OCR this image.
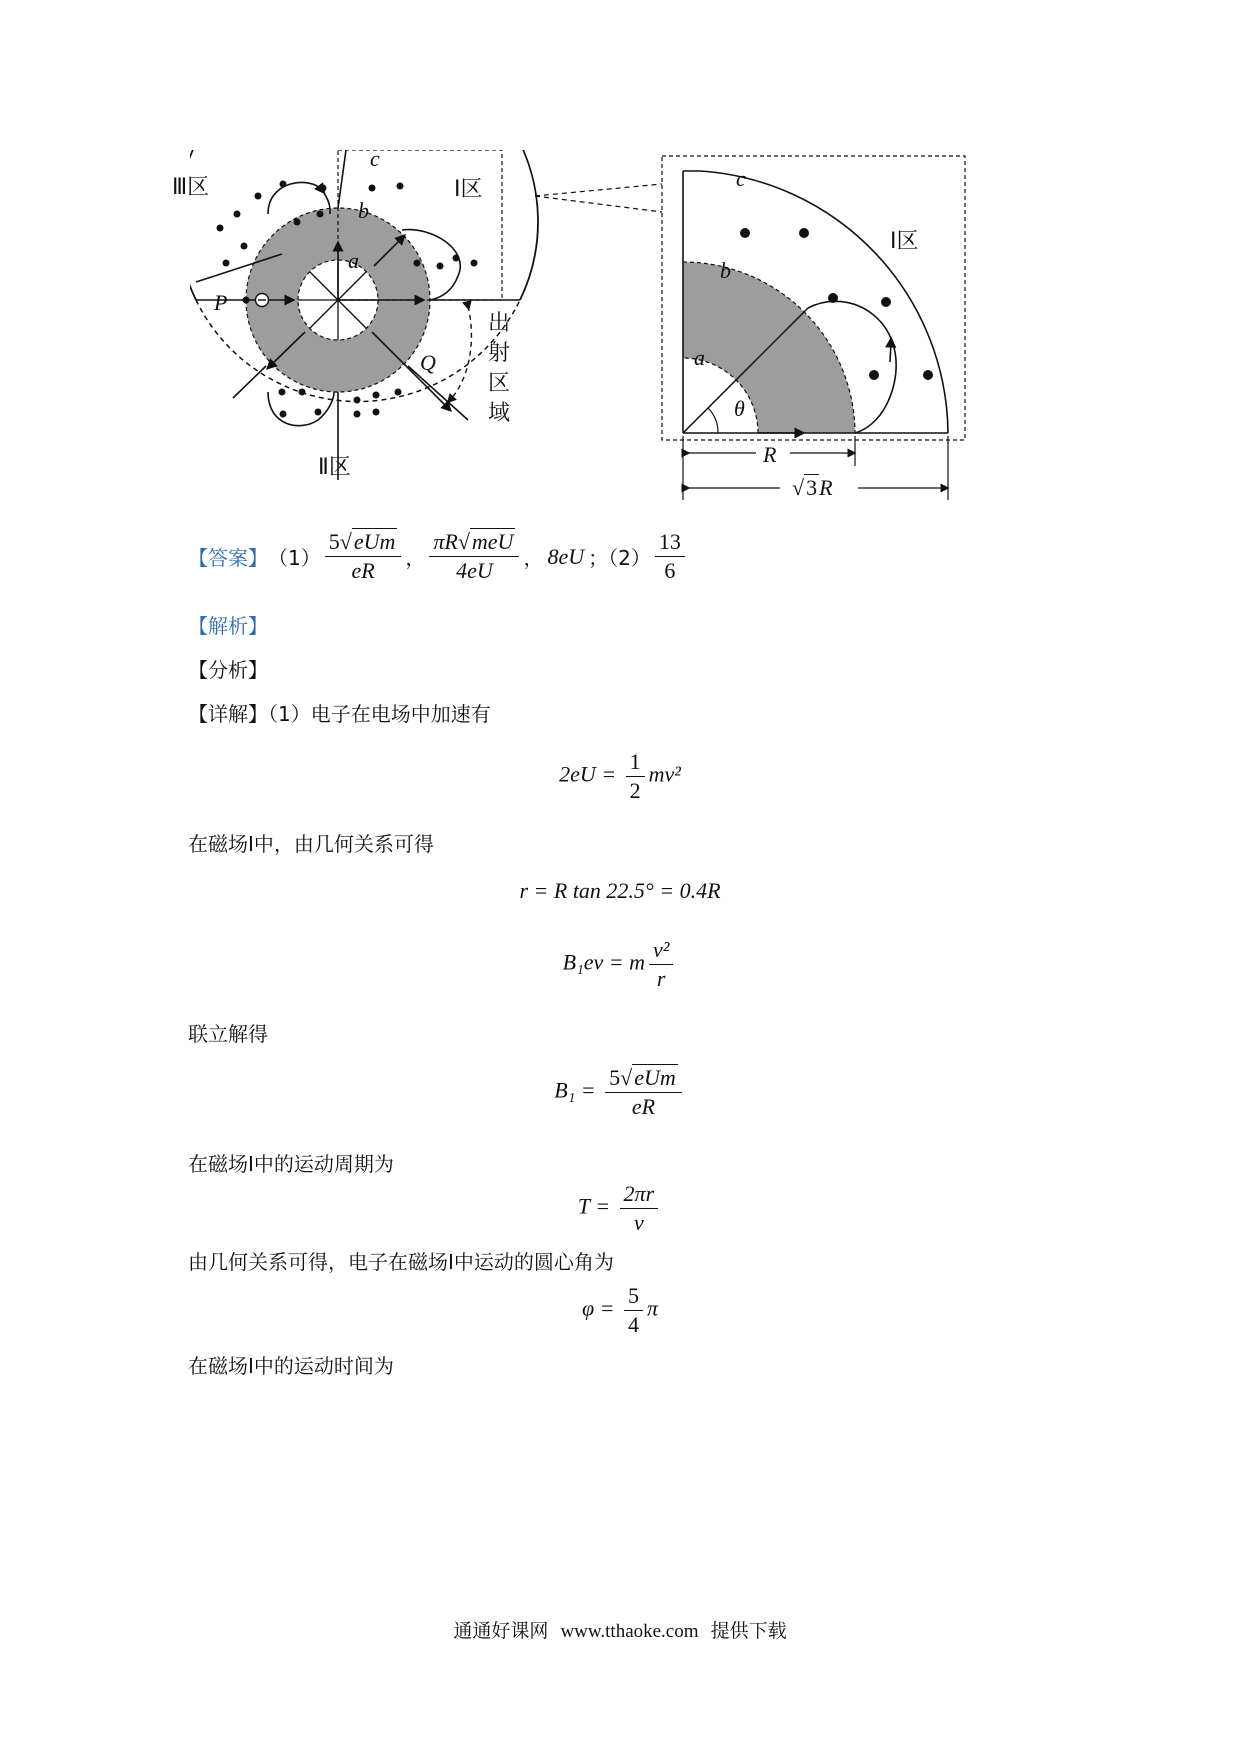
Ⅲ区	Ⅰ区
Ⅱ区
c
b
a
P
Q
出
射
区
域
c
Ⅰ区
b
a
θ
R
√3R
【答案】 $(1) \frac{\text{5√eUm}}{eR}$ ， $\frac{\text{πR√meU}}{4eU}$ ， 8eU ；$(2) \frac{13}{6}$
【解析】
【分析】
【详解】（1）电子在电场中加速有
$2eU = \frac{1}{2} mv^2$
在磁场I中，由几何关系可得
r = R tan 22.5° = 0.4R
B₁ev = m $\frac{\text{v²}}{r}$
联立解得
$B_1 = \frac{\text{5√eUm}}{eR}$
在磁场I中的运动周期为
$T = \frac{2\pi r}{v}$
由几何关系可得，电子在磁场I中运动的圆心角为
$\varphi = \frac{5}{4}$ π
在磁场I中的运动时间为
通通好课网 www.tthaoke.com 提供下载
